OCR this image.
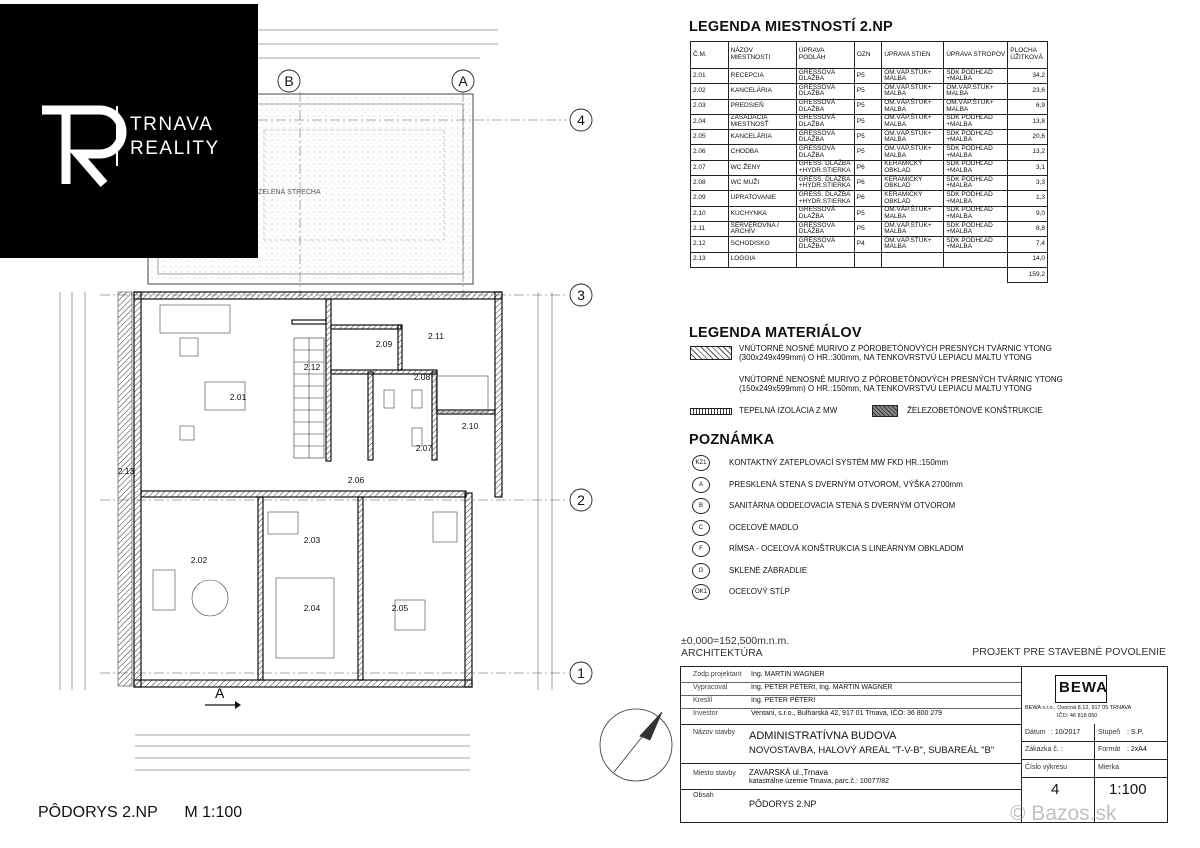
B	A
4
3
2
1
ZELENÁ STRECHA
2.01
2.02
2.03
2.04	2.05
2.06
2.07
2.08
2.09
2.10
2.11
2.12
2.13
A
±0,000=152,500m.n.m.
ARCHITEKTÚRA	PROJEKT PRE STAVEBNÉ POVOLENIE
TRNAVA
REALITY
LEGENDA MIESTNOSTÍ 2.NP
Č.M.	NÁZOV MIESTNOSTI	ÚPRAVA PODLÁH	OZN	ÚPRAVA STIEN	ÚPRAVA STROPOV	PLOCHA ÚŽITKOVÁ
2.01	RECEPCIA	GRESSOVÁ DLAŽBA	P5	OM.VÁP.ŠTUK+ MALBA	SDK PODHĽAD +MALBA	34,2
2.02	KANCELÁRIA	GRESSOVÁ DLAŽBA	P5	OM.VÁP.ŠTUK+ MALBA	OM.VÁP.ŠTUK+ MALBA	23,6
2.03	PREDSIEŇ	GRESSOVÁ DLAŽBA	P5	OM.VÁP.ŠTUK+ MALBA	OM.VÁP.ŠTUK+ MALBA	6,9
2.04	ZASADACIA MIESTNOSŤ	GRESSOVÁ DLAŽBA	P5	OM.VÁP.ŠTUK+ MALBA	SDK PODHĽAD +MALBA	13,8
2.05	KANCELÁRIA	GRESSOVÁ DLAŽBA	P5	OM.VÁP.ŠTUK+ MALBA	SDK PODHĽAD +MALBA	20,6
2.06	CHODBA	GRESSOVÁ DLAŽBA	P5	OM.VÁP.ŠTUK+ MALBA	SDK PODHĽAD +MALBA	13,2
2.07	WC ŽENY	GRESS. DLAŽBA +HYDR.STIERKA	P6	KERAMICKÝ OBKLAD	SDK PODHĽAD +MALBA	3,1
2.08	WC MUŽI	GRESS. DLAŽBA +HYDR.STIERKA	P6	KERAMICKÝ OBKLAD	SDK PODHĽAD +MALBA	3,3
2.09	UPRATOVANIE	GRESS. DLAŽBA +HYDR.STIERKA	P6	KERAMICKÝ OBKLAD	SDK PODHĽAD +MALBA	1,3
2.10	KUCHYNKA	GRESSOVÁ DLAŽBA	P5	OM.VÁP.ŠTUK+ MALBA	SDK PODHĽAD +MALBA	9,0
2.11	SERVEROVŇA / ARCHÍV	GRESSOVÁ DLAŽBA	P5	OM.VÁP.ŠTUK+ MALBA	SDK PODHĽAD +MALBA	8,8
2.12	SCHODISKO	GRESSOVÁ DLAŽBA	P4	OM.VÁP.ŠTUK+ MALBA	SDK PODHĽAD +MALBA	7,4
2.13	LOGGIA					14,0
						159,2
LEGENDA MATERIÁLOV
VNÚTORNÉ NOSNÉ MURIVO Z PÓROBETÓNOVÝCH PRESNÝCH TVÁRNIC YTONG
(300x249x499mm) O HR.:300mm, NA TENKOVRSTVÚ LEPIACU MALTU YTONG
VNÚTORNÉ NENOSNÉ MURIVO Z PÓROBETÓNOVÝCH PRESNÝCH TVÁRNIC YTONG
(150x249x599mm) O HR.:150mm, NA TENKOVRSTVÚ LEPIACU MALTU YTONG
TEPELNÁ IZOLÁCIA Z MW	ŽELEZOBETÓNOVÉ KONŠTRUKCIE
POZNÁMKA
KZ1	KONTAKTNÝ ZATEPLOVACÍ SYSTÉM MW FKD HR.:150mm
A	PRESKLENÁ STENA S DVERNÝM OTVOROM, VÝŠKA 2700mm
B	SANITÁRNA ODDEĽOVACIA STENA S DVERNÝM OTVOROM
C	OCEĽOVÉ MADLO
F	RÍMSA - OCEĽOVÁ KONŠTRUKCIA S LINEÁRNYM OBKLADOM
G	SKLENÉ ZÁBRADLIE
OK1	OCEĽOVÝ STĹP
Zodp.projektant Ing. MARTIN WAGNER
Vypracoval	Ing. PETER PÉTERI, Ing. MARTIN WAGNER
Kreslil	Ing. PETER PÉTERI
Investor	Ventani, s.r.o., Bulharská 42, 917 01 Trnava, IČO: 36 800 279
BEWA
BEWA s.r.o., Ovocná 8,12, 917 05 TRNAVA
IČO: 46 818 050
Názov stavby ADMINISTRATÍVNA BUDOVA
NOVOSTAVBA, HALOVÝ AREÁL "T-V-B", SUBAREÁL "B"
Miesto stavby ZAVARSKÁ ul.,Trnava
katastrálne územie Trnava, parc.č.: 10077/82
Obsah
PÔDORYS 2.NP
Dátum : 10/2017	Stupeň : S.P.
Zákazka č. :	Formát : 2xA4
Číslo výkresu
4
Mierka
1:100
PÔDORYS 2.NP M 1:100	© Bazos.sk
